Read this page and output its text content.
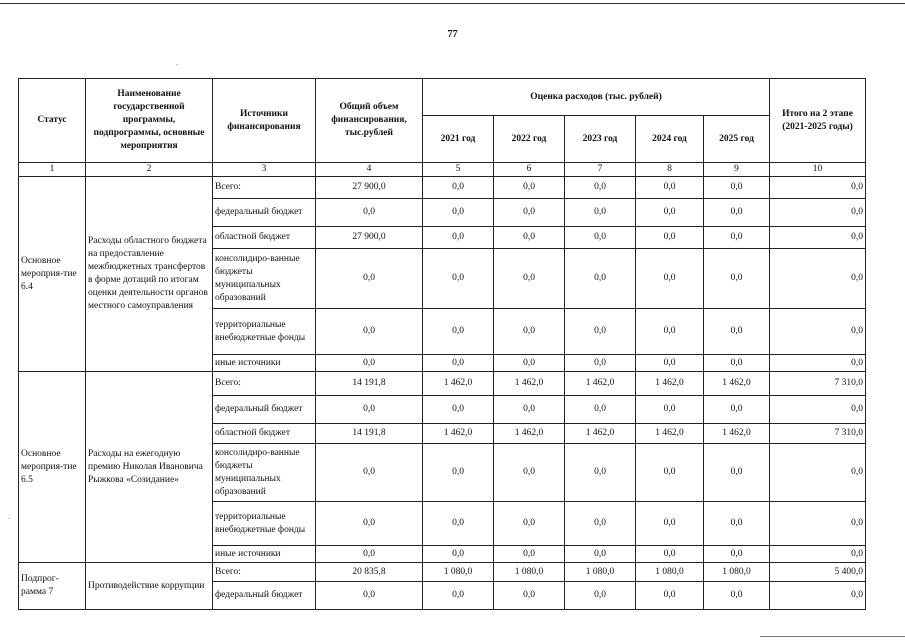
77
.
.
Статус	Наименование государственной программы, подпрограммы, основные мероприятия	Источники финансирования	Общий объем финансирования, тыс.рублей	Оценка расходов (тыс. рублей)					Итого на 2 этапе (2021-2025 годы)
				2021 год	2022 год	2023 год	2024 год	2025 год	
1	2	3	4	5	6	7	8	9	10
Основное мероприя-тие 6.4	Расходы областного бюджета на предоставление межбюджетных трансфертов в форме дотаций по итогам оценки деятельности органов местного самоуправления	Всего:	27 900,0	0,0	0,0	0,0	0,0	0,0	0,0
		федеральный бюджет	0,0	0,0	0,0	0,0	0,0	0,0	0,0
		областной бюджет	27 900,0	0,0	0,0	0,0	0,0	0,0	0,0
		консолидиро-ванные бюджеты муниципальных образований	0,0	0,0	0,0	0,0	0,0	0,0	0,0
		территориальные внебюджетные фонды	0,0	0,0	0,0	0,0	0,0	0,0	0,0
		иные источники	0,0	0,0	0,0	0,0	0,0	0,0	0,0
Основное мероприя-тие 6.5	Расходы на ежегодную премию Николая Ивановича Рыжкова «Созидание»	Всего:	14 191,8	1 462,0	1 462,0	1 462,0	1 462,0	1 462,0	7 310,0
		федеральный бюджет	0,0	0,0	0,0	0,0	0,0	0,0	0,0
		областной бюджет	14 191,8	1 462,0	1 462,0	1 462,0	1 462,0	1 462,0	7 310,0
		консолидиро-ванные бюджеты муниципальных образований	0,0	0,0	0,0	0,0	0,0	0,0	0,0
		территориальные внебюджетные фонды	0,0	0,0	0,0	0,0	0,0	0,0	0,0
		иные источники	0,0	0,0	0,0	0,0	0,0	0,0	0,0
Подпрог-рамма 7	Противодействие коррупции	Всего:	20 835,8	1 080,0	1 080,0	1 080,0	1 080,0	1 080,0	5 400,0
		федеральный бюджет	0,0	0,0	0,0	0,0	0,0	0,0	0,0
